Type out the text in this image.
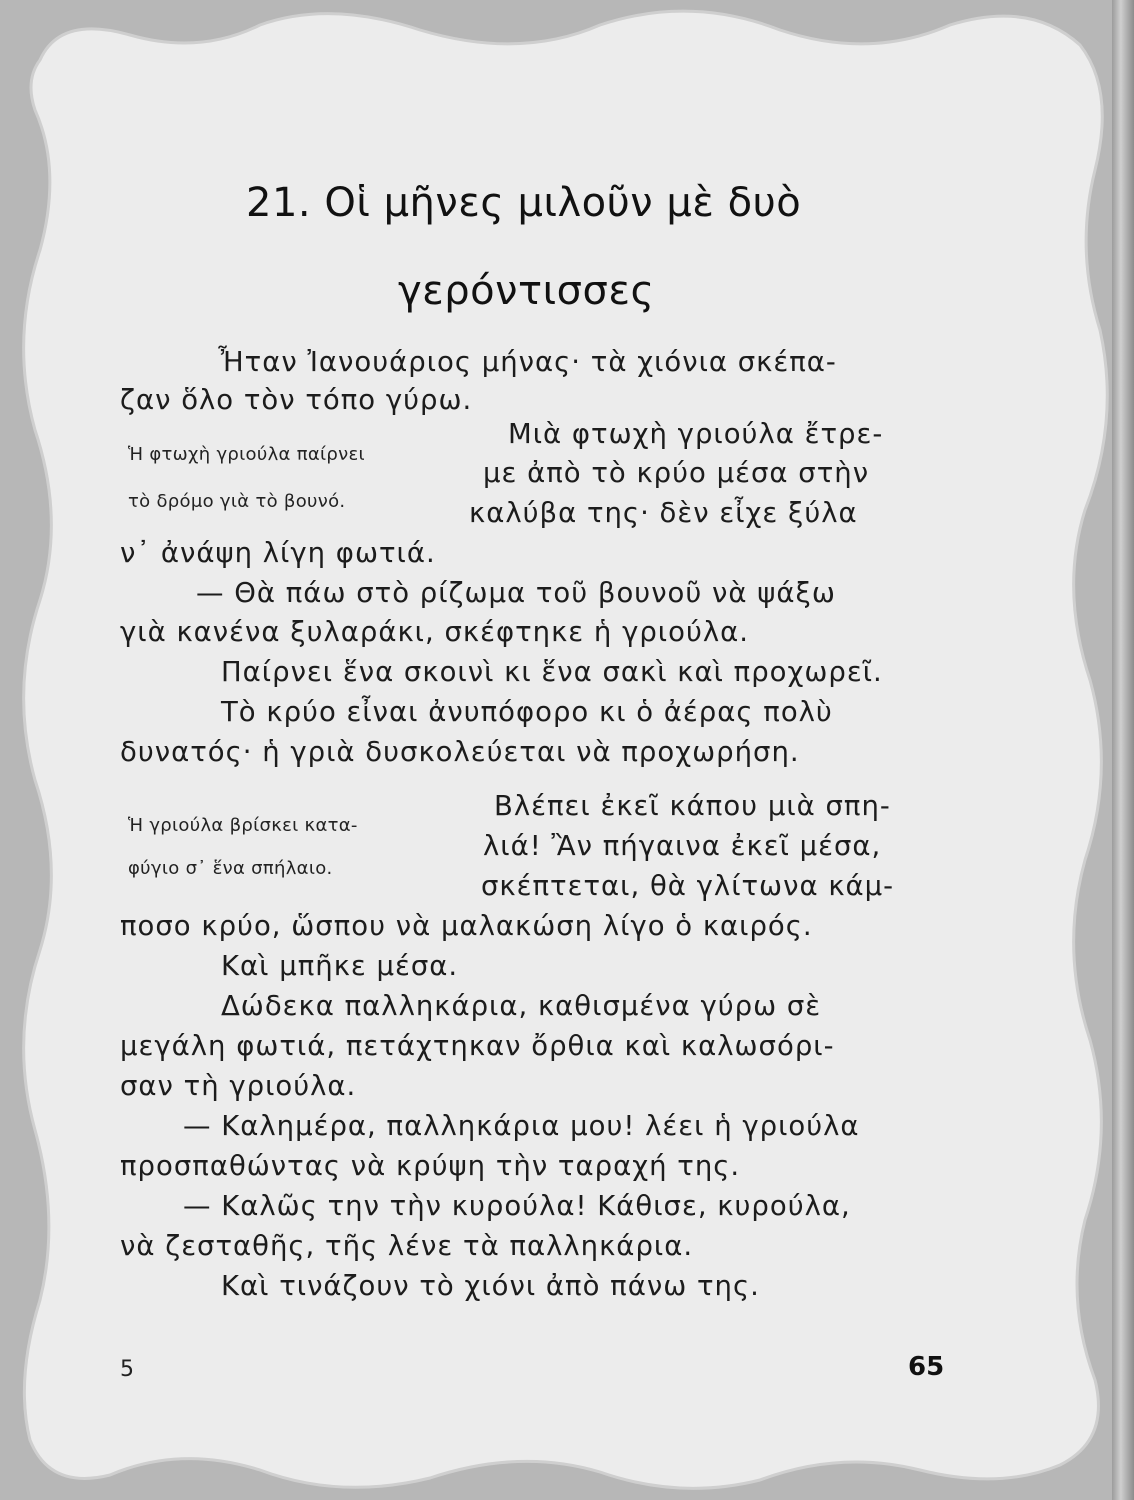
21. Οἱ μῆνες μιλοῦν μὲ δυὸ
γερόντισσες

Ἦταν Ἰανουάριος μήνας· τὰ χιόνια σκέπα-

ζαν ὅλο τὸν τόπο γύρω.

Ἡ φτωχὴ γριούλα παίρνει

τὸ δρόμο γιὰ τὸ βουνό.

Μιὰ φτωχὴ γριούλα ἔτρε-

με ἀπὸ τὸ κρύο μέσα στὴν

καλύβα της· δὲν εἶχε ξύλα

ν᾽ ἀνάψη λίγη φωτιά.

— Θὰ πάω στὸ ρίζωμα τοῦ βουνοῦ νὰ ψάξω

γιὰ κανένα ξυλαράκι, σκέφτηκε ἡ γριούλα.

Παίρνει ἕνα σκοινὶ κι ἕνα σακὶ καὶ προχωρεῖ.

Τὸ κρύο εἶναι ἀνυπόφορο κι ὁ ἀέρας πολὺ

δυνατός· ἡ γριὰ δυσκολεύεται νὰ προχωρήση.

Ἡ γριούλα βρίσκει κατα-

φύγιο σ᾽ ἕνα σπήλαιο.

Βλέπει ἐκεῖ κάπου μιὰ σπη-

λιά! Ἂν πήγαινα ἐκεῖ μέσα,

σκέπτεται, θὰ γλίτωνα κάμ-

ποσο κρύο, ὥσπου νὰ μαλακώση λίγο ὁ καιρός.

Καὶ μπῆκε μέσα.

Δώδεκα παλληκάρια, καθισμένα γύρω σὲ

μεγάλη φωτιά, πετάχτηκαν ὄρθια καὶ καλωσόρι-

σαν τὴ γριούλα.

— Καλημέρα, παλληκάρια μου! λέει ἡ γριούλα

προσπαθώντας νὰ κρύψη τὴν ταραχή της.

— Καλῶς την τὴν κυρούλα! Κάθισε, κυρούλα,

νὰ ζεσταθῆς, τῆς λένε τὰ παλληκάρια.

Καὶ τινάζουν τὸ χιόνι ἀπὸ πάνω της.

5	65
